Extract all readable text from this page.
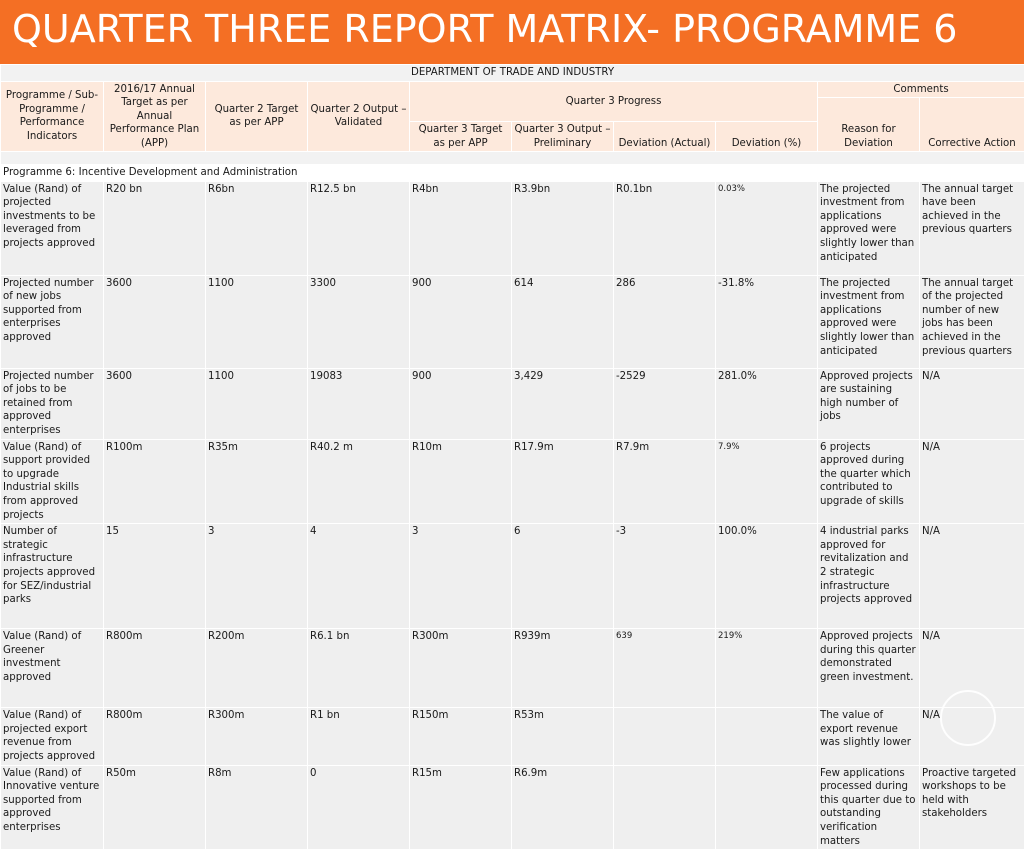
QUARTER THREE REPORT MATRIX- PROGRAMME 6
DEPARTMENT OF TRADE AND INDUSTRY									
Programme / Sub-Programme / Performance Indicators	2016/17 Annual Target as per Annual Performance Plan (APP)	Quarter 2 Target as per APP	Quarter 2 Output – Validated	Quarter 3 Progress				Comments	
								Reason for Deviation	Corrective Action
				Quarter 3 Target as per APP	Quarter 3 Output – Preliminary	Deviation (Actual)	Deviation (%)		

Programme 6: Incentive Development and Administration									
Value (Rand) of projected investments to be leveraged from projects approved	R20 bn	R6bn	R12.5 bn	R4bn	R3.9bn	R0.1bn	0.03%	The projected investment from applications approved were slightly lower than anticipated	The annual target have been achieved in the previous quarters
Projected number of new jobs supported from enterprises approved	3600	1100	3300	900	614	286	-31.8%	The projected investment from applications approved were slightly lower than anticipated	The annual target of the projected number of new jobs has been achieved in the previous quarters
Projected number of jobs to be retained from approved enterprises	3600	1100	19083	900	3,429	-2529	281.0%	Approved projects are sustaining high number of jobs	N/A
Value (Rand) of support provided to upgrade Industrial skills from approved projects	R100m	R35m	R40.2 m	R10m	R17.9m	R7.9m	7.9%	6 projects approved during the quarter which contributed to upgrade of skills	N/A
Number of strategic infrastructure projects approved for SEZ/industrial parks	15	3	4	3	6	-3	100.0%	4 industrial parks approved for revitalization and 2 strategic infrastructure projects approved	N/A
Value (Rand) of Greener investment approved	R800m	R200m	R6.1 bn	R300m	R939m	639	219%	Approved projects during this quarter demonstrated green investment.	N/A
Value (Rand) of projected export revenue from projects approved	R800m	R300m	R1 bn	R150m	R53m			The value of export revenue was slightly lower	N/A
Value (Rand) of Innovative venture supported from approved enterprises	R50m	R8m	0	R15m	R6.9m			Few applications processed during this quarter due to outstanding verification matters	Proactive targeted workshops to be held with stakeholders
